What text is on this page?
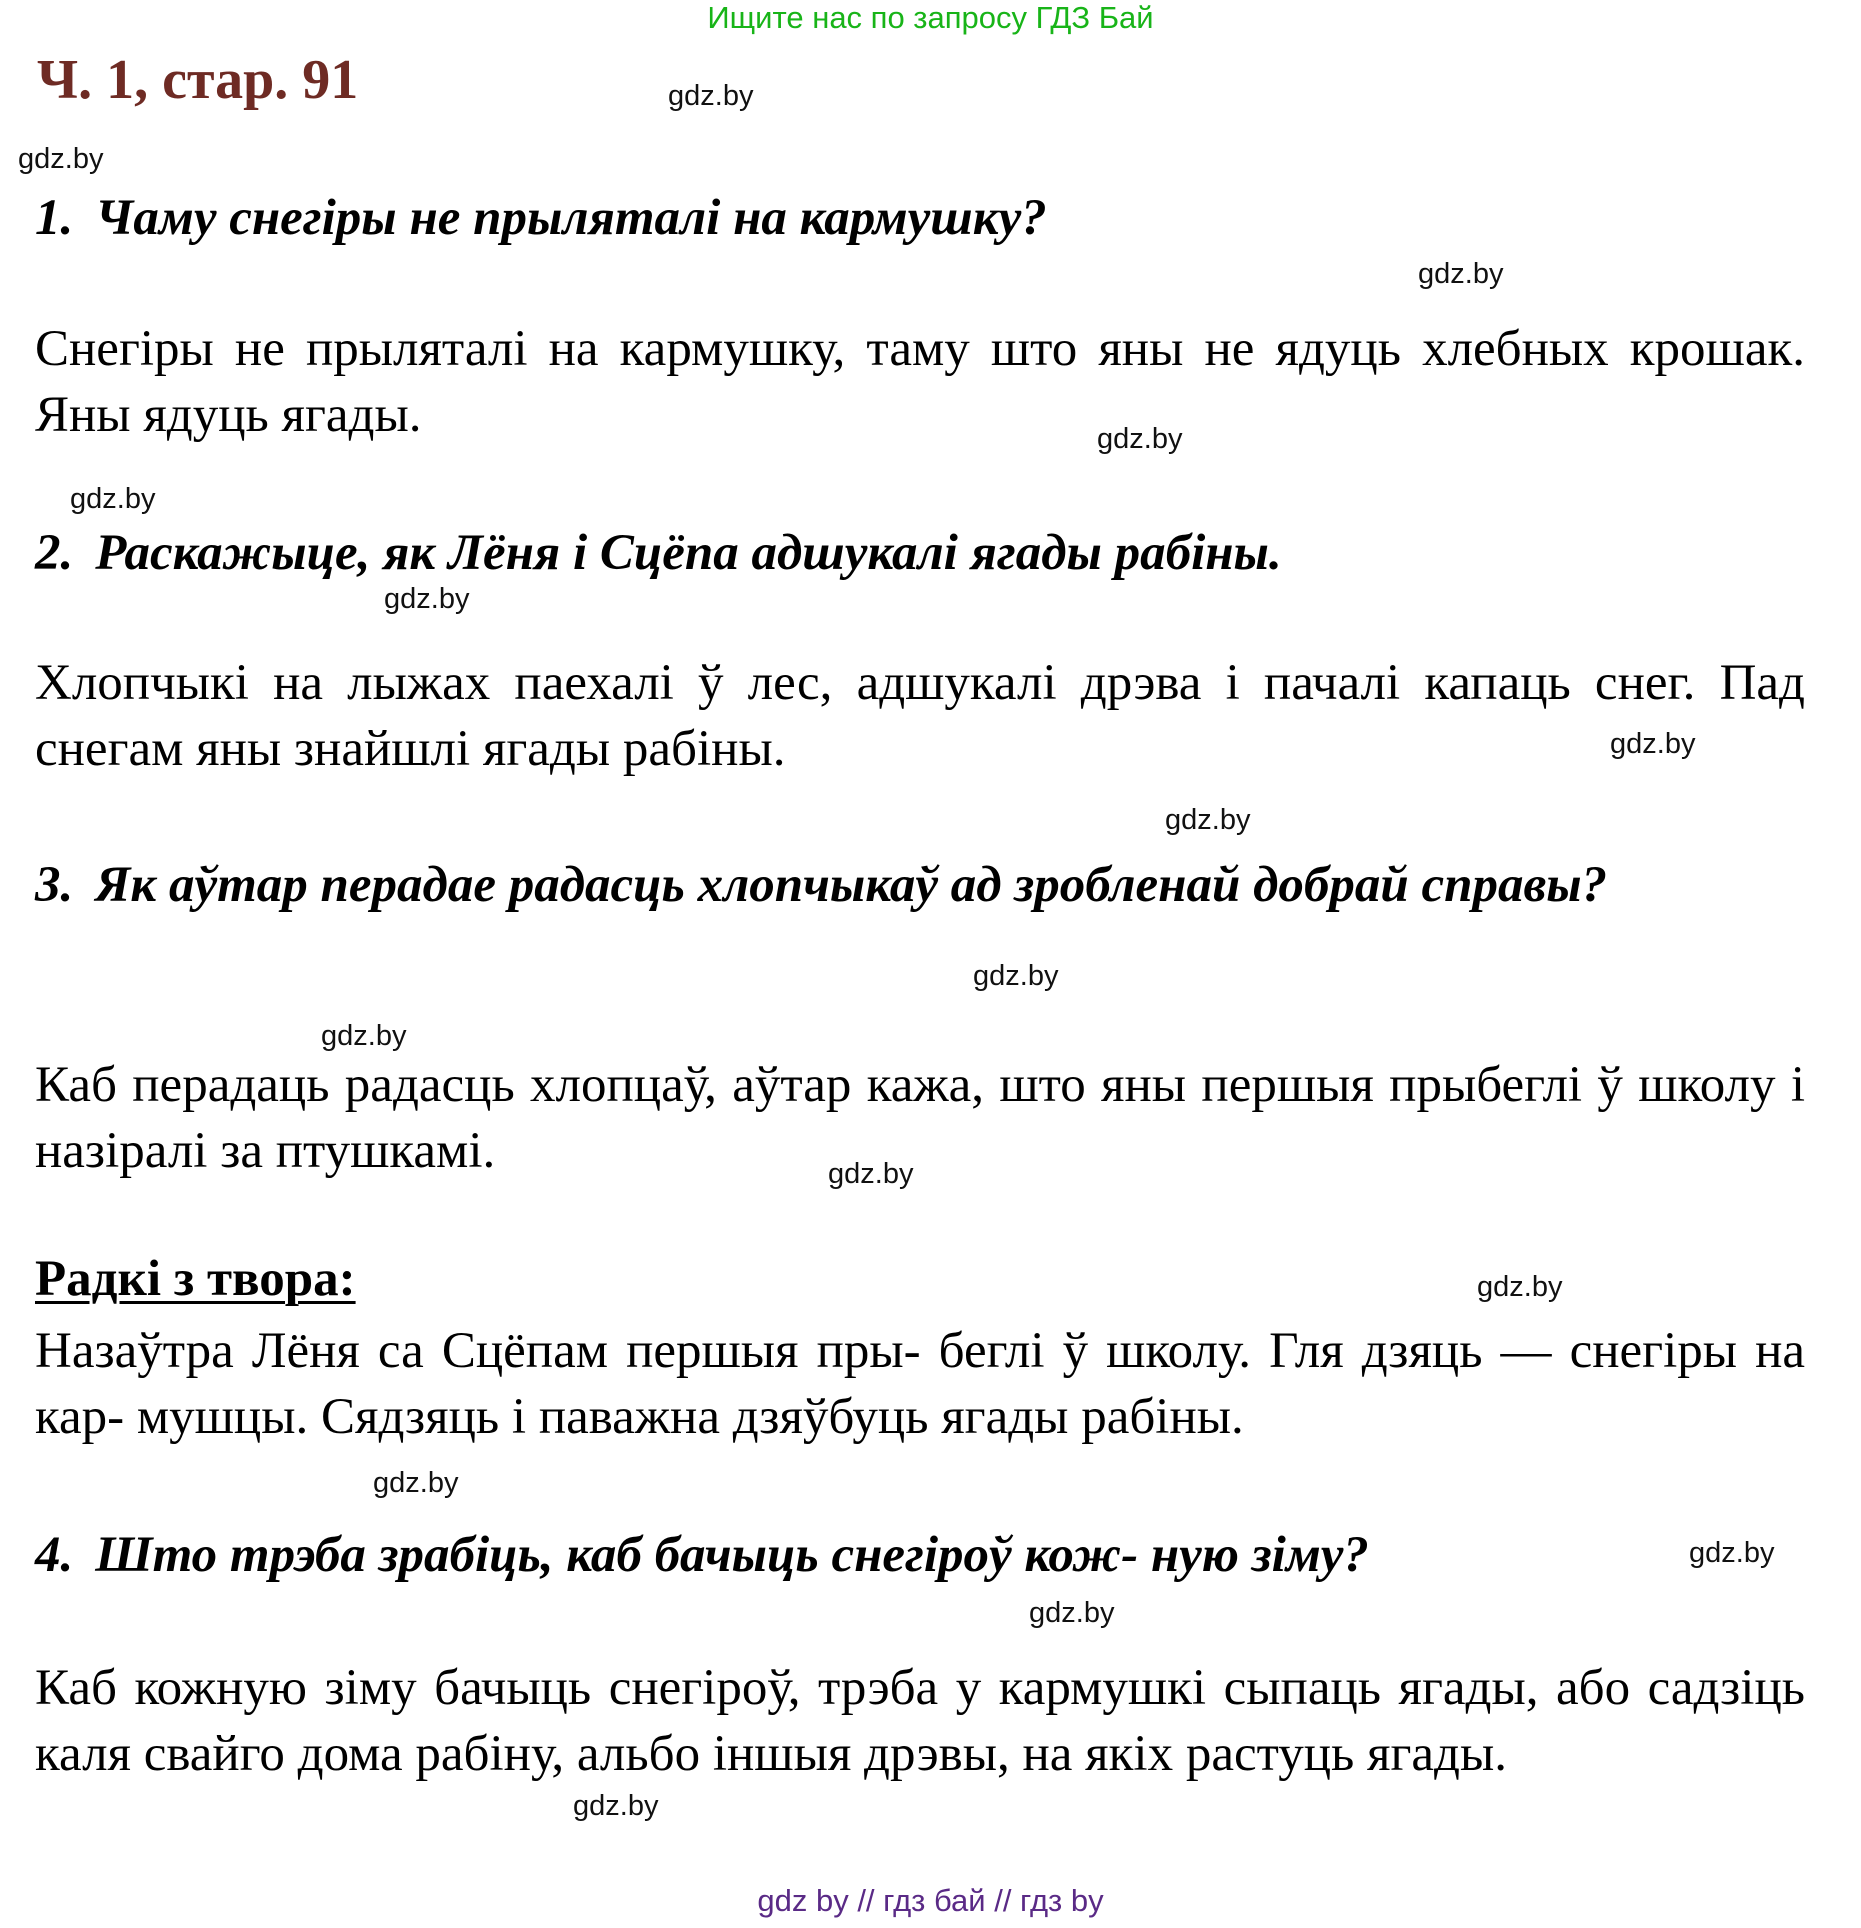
Ищите нас по запросу ГДЗ Бай
Ч. 1, стар. 91	gdz.by
gdz.by
gdz.by
gdz.by
gdz.by
gdz.by
gdz.by
gdz.by
gdz.by
gdz.by
gdz.by
gdz.by
gdz.by
gdz.by
gdz.by
gdz.by
1. Чаму снегіры не прыляталі на кармушку?
Снегіры не прыляталі на кармушку, таму што яны не ядуць хлебных крошак. Яны ядуць ягады.
2. Раскажыце, як Лёня і Сцёпа адшукалі ягады рабіны.
Хлопчыкі на лыжах паехалі ў лес, адшукалі дрэва і пачалі капаць снег. Пад снегам яны знайшлі ягады рабіны.
3. Як аўтар перадае радасць хлопчыкаў ад зробленай добрай справы?
Каб перадаць радасць хлопцаў, аўтар кажа, што яны першыя прыбеглі ў школу і назіралі за птушкамі.
Радкі з твора:
Назаўтра Лёня са Сцёпам першыя пры- беглі ў школу. Гля дзяць — снегіры на кар- мушцы. Сядзяць і паважна дзяўбуць ягады рабіны.
4. Што трэба зрабіць, каб бачыць снегіроў кож- ную зіму?
Каб кожную зіму бачыць снегіроў, трэба у кармушкі сыпаць ягады, або садзіць каля свайго дома рабіну, альбо іншыя дрэвы, на якіх растуць ягады.
gdz by // гдз бай // гдз by
